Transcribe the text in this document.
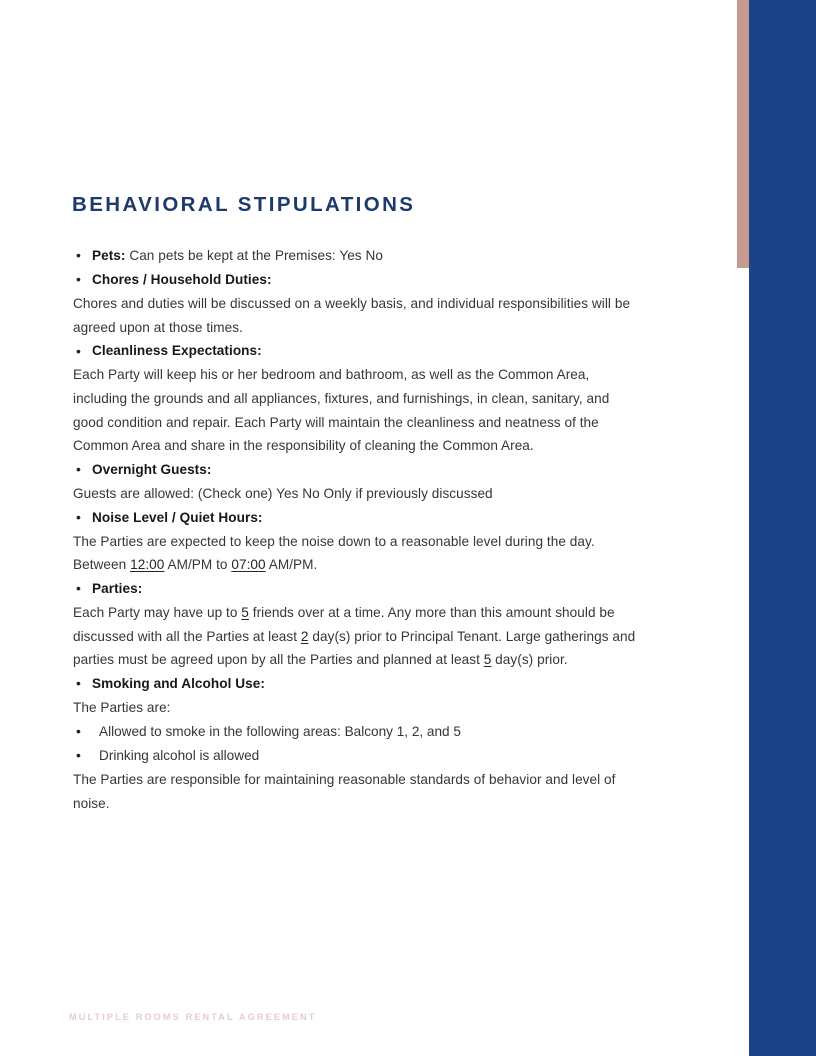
BEHAVIORAL STIPULATIONS
• Pets: Can pets be kept at the Premises: Yes No
• Chores / Household Duties:
Chores and duties will be discussed on a weekly basis, and individual responsibilities will be agreed upon at those times.
• Cleanliness Expectations:
Each Party will keep his or her bedroom and bathroom, as well as the Common Area, including the grounds and all appliances, fixtures, and furnishings, in clean, sanitary, and good condition and repair. Each Party will maintain the cleanliness and neatness of the Common Area and share in the responsibility of cleaning the Common Area.
• Overnight Guests:
Guests are allowed: (Check one) Yes No Only if previously discussed
• Noise Level / Quiet Hours:
The Parties are expected to keep the noise down to a reasonable level during the day. Between 12:00 AM/PM to 07:00 AM/PM.
• Parties:
Each Party may have up to 5 friends over at a time. Any more than this amount should be discussed with all the Parties at least 2 day(s) prior to Principal Tenant. Large gatherings and parties must be agreed upon by all the Parties and planned at least 5 day(s) prior.
• Smoking and Alcohol Use:
The Parties are:
• Allowed to smoke in the following areas: Balcony 1, 2, and 5
• Drinking alcohol is allowed
The Parties are responsible for maintaining reasonable standards of behavior and level of noise.
MULTIPLE ROOMS RENTAL AGREEMENT
